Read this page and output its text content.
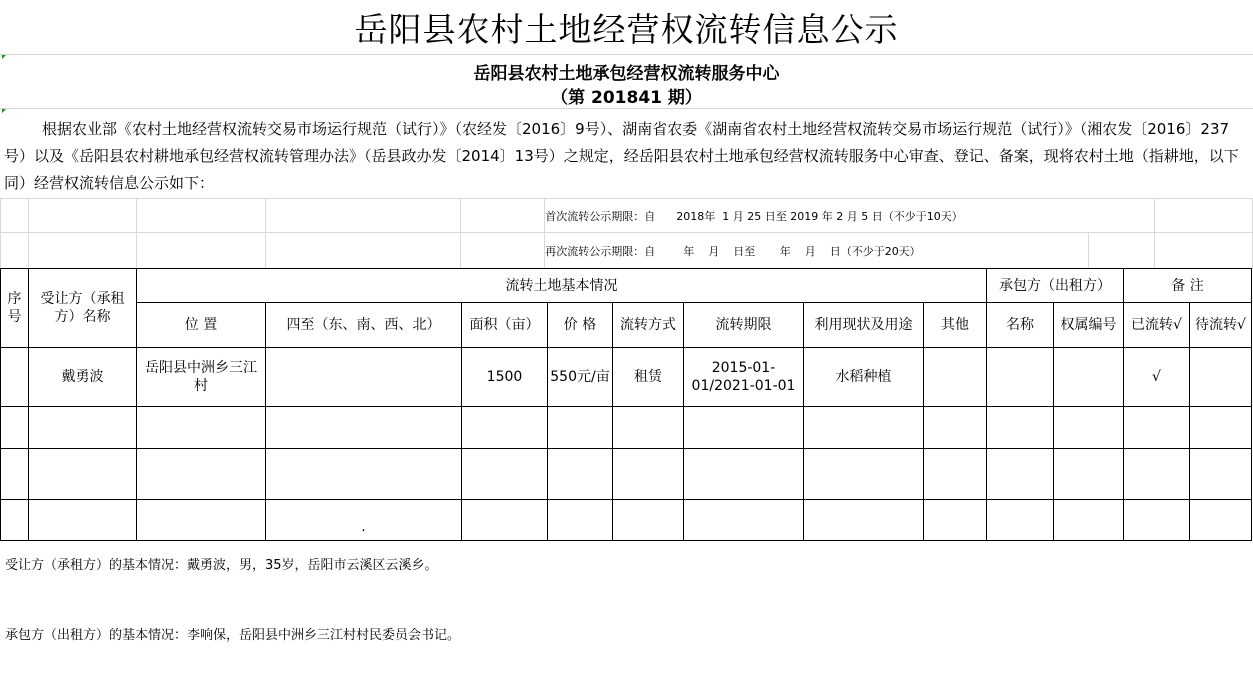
岳阳县农村土地经营权流转信息公示
岳阳县农村土地承包经营权流转服务中心
（第 201841 期）
根据农业部《农村土地经营权流转交易市场运行规范（试行）》（农经发〔2016〕9号）、湖南省农委《湖南省农村土地经营权流转交易市场运行规范（试行）》（湘农发〔2016〕237号）以及《岳阳县农村耕地承包经营权流转管理办法》（岳县政办发〔2014〕13号）之规定，经岳阳县农村土地承包经营权流转服务中心审查、登记、备案，现将农村土地（指耕地，以下同）经营权流转信息公示如下：
					首次流转公示期限：自      2018年  1 月 25 日至 2019 年 2 月 5 日（不少于10天）		
					再次流转公示期限：自        年    月    日至       年    月    日（不少于20天）		
序号	受让方（承租方）名称	流转土地基本情况								承包方（出租方）		备 注	
		位 置	四至（东、南、西、北）	面积（亩）	价 格	流转方式	流转期限	利用现状及用途	其他	名称	权属编号	已流转√	待流转√
	戴勇波	岳阳县中洲乡三江村		1500	550元/亩	租赁	2015-01-01/2021-01-01	水稻种植				√	

			.										
受让方（承租方）的基本情况：戴勇波，男，35岁，岳阳市云溪区云溪乡。
承包方（出租方）的基本情况：李响保，岳阳县中洲乡三江村村民委员会书记。
